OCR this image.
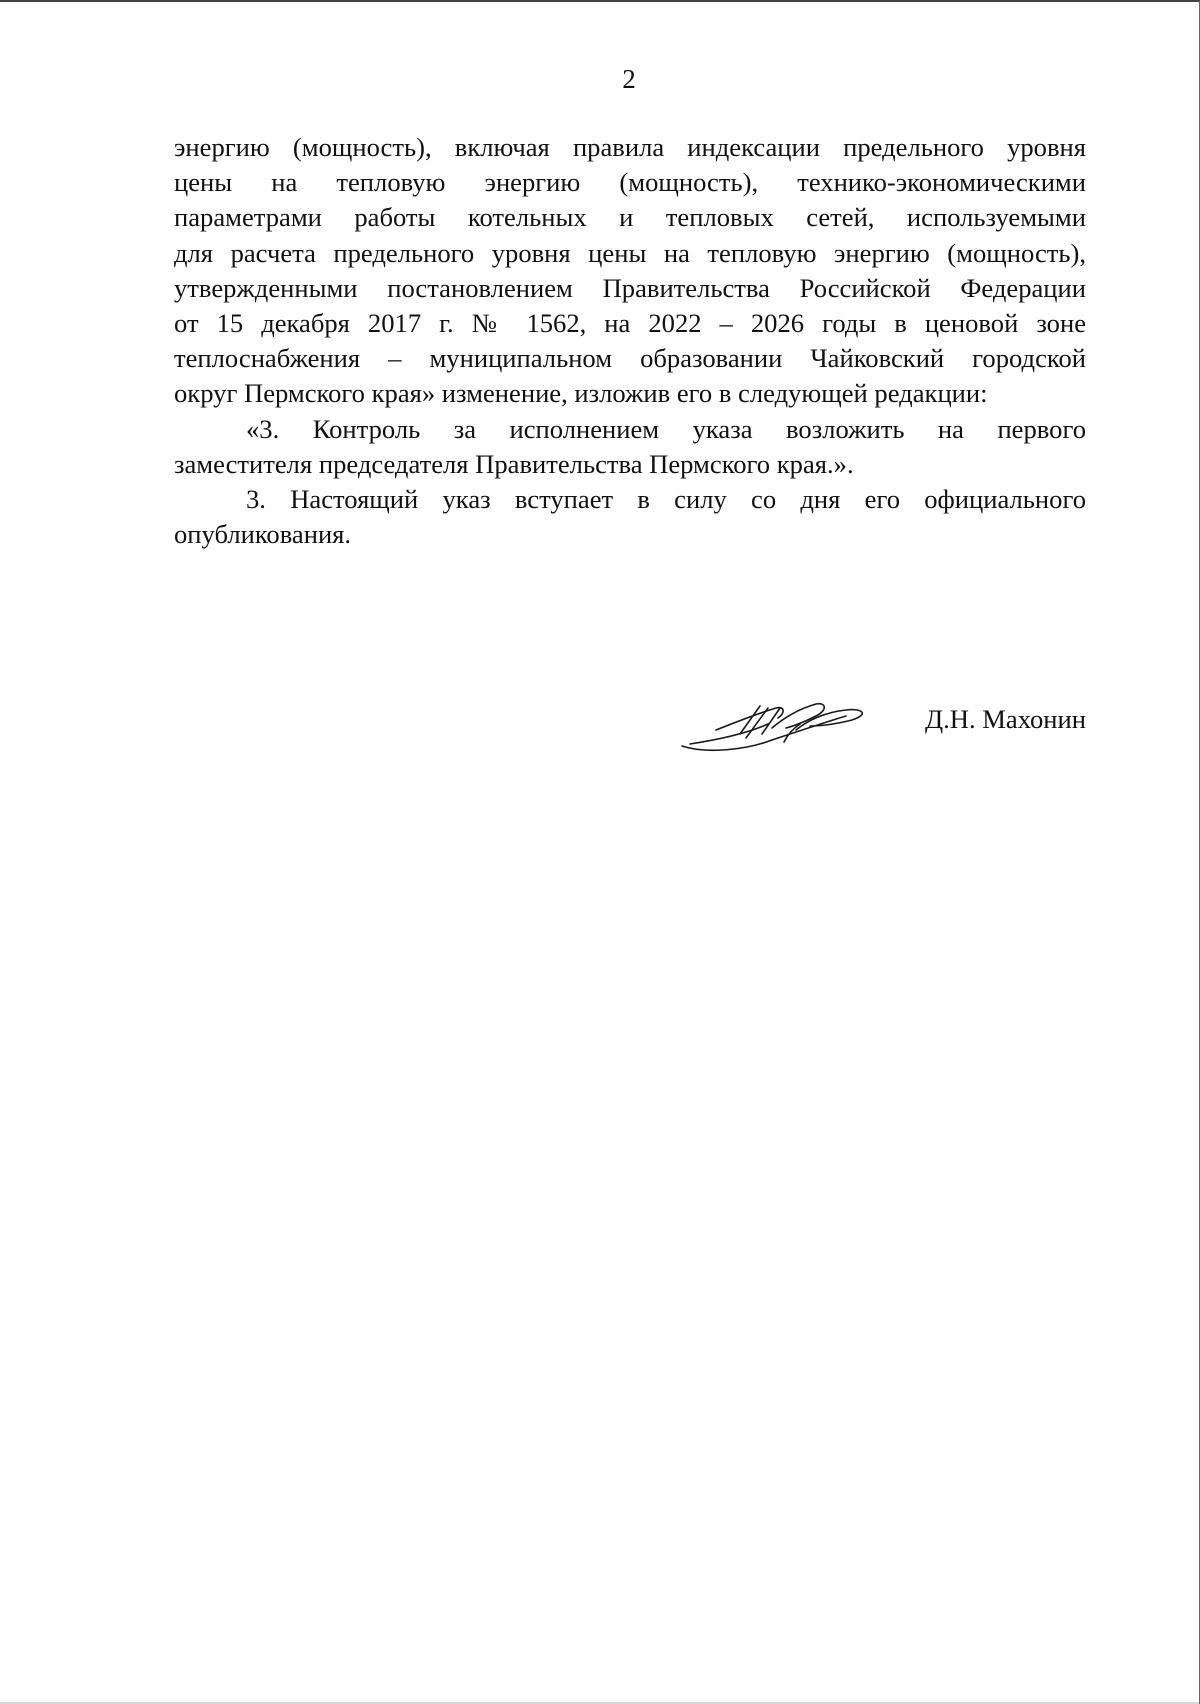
2

энергию (мощность), включая правила индексации предельного уровня
цены на тепловую энергию (мощность), технико-экономическими
параметрами работы котельных и тепловых сетей, используемыми
для расчета предельного уровня цены на тепловую энергию (мощность),
утвержденными постановлением Правительства Российской Федерации
от 15 декабря 2017 г. № 1562, на 2022 – 2026 годы в ценовой зоне
теплоснабжения – муниципальном образовании Чайковский городской
округ Пермского края» изменение, изложив его в следующей редакции:

«3. Контроль за исполнением указа возложить на первого
заместителя председателя Правительства Пермского края.».

3. Настоящий указ вступает в силу со дня его официального
опубликования.

Д.Н. Махонин
